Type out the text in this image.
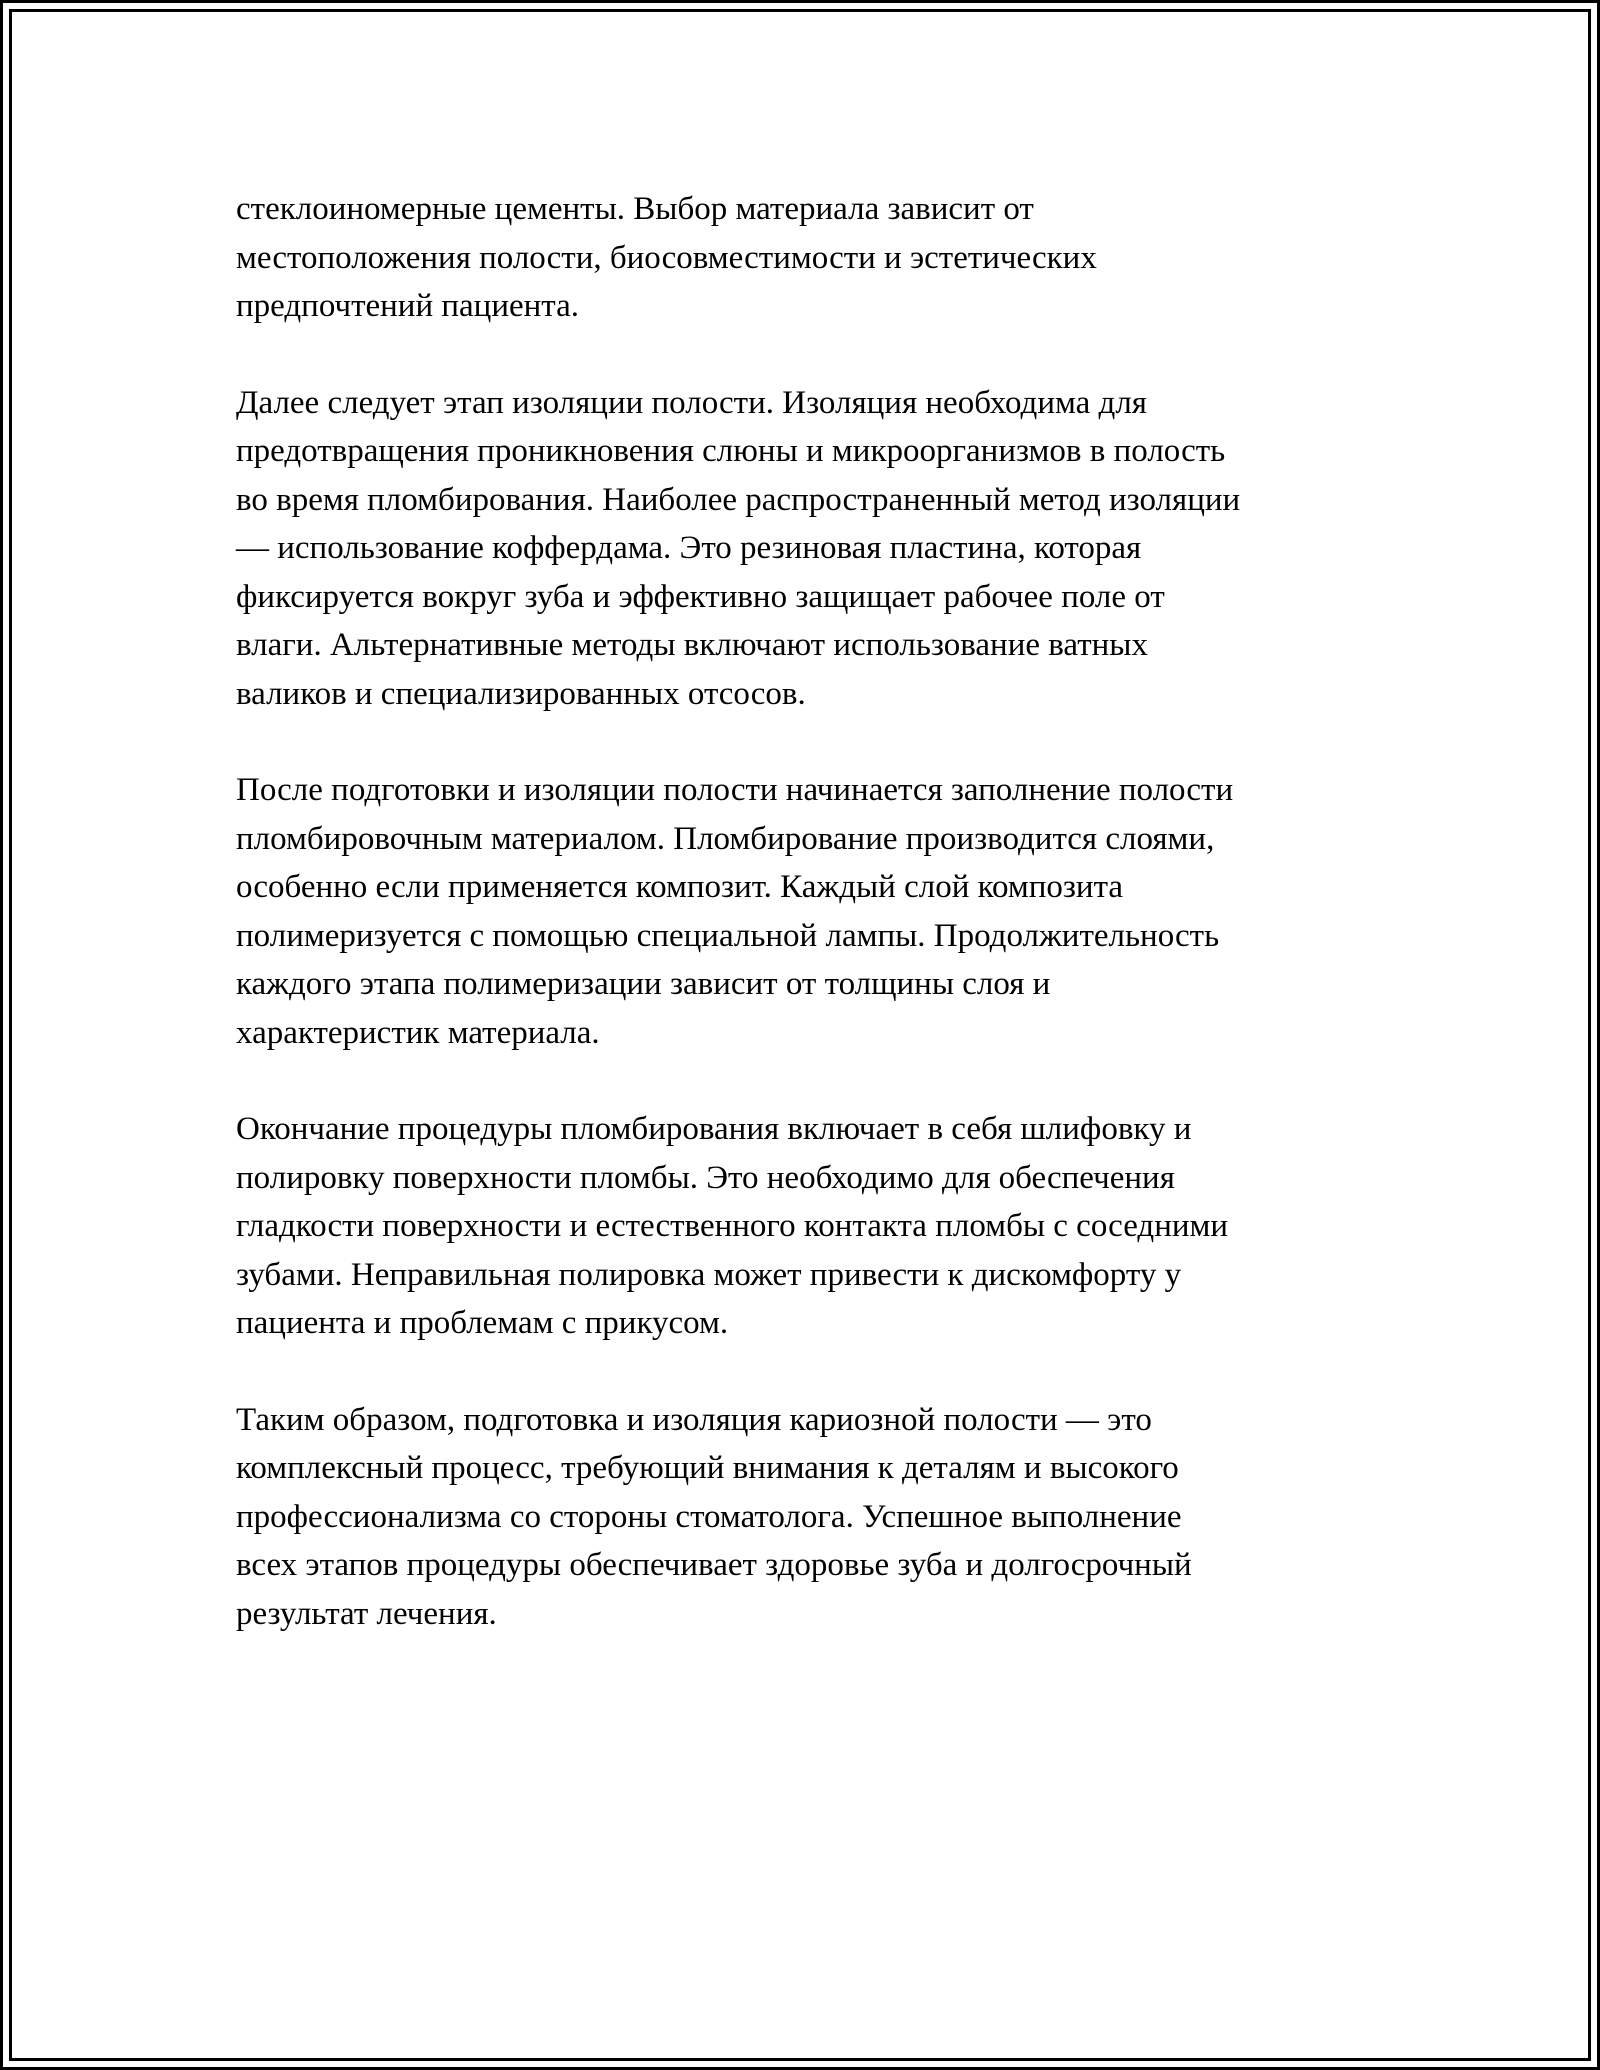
стеклоиномерные цементы. Выбор материала зависит от
местоположения полости, биосовместимости и эстетических
предпочтений пациента.

Далее следует этап изоляции полости. Изоляция необходима для
предотвращения проникновения слюны и микроорганизмов в полость
во время пломбирования. Наиболее распространенный метод изоляции
— использование коффердама. Это резиновая пластина, которая
фиксируется вокруг зуба и эффективно защищает рабочее поле от
влаги. Альтернативные методы включают использование ватных
валиков и специализированных отсосов.

После подготовки и изоляции полости начинается заполнение полости
пломбировочным материалом. Пломбирование производится слоями,
особенно если применяется композит. Каждый слой композита
полимеризуется с помощью специальной лампы. Продолжительность
каждого этапа полимеризации зависит от толщины слоя и
характеристик материала.

Окончание процедуры пломбирования включает в себя шлифовку и
полировку поверхности пломбы. Это необходимо для обеспечения
гладкости поверхности и естественного контакта пломбы с соседними
зубами. Неправильная полировка может привести к дискомфорту у
пациента и проблемам с прикусом.

Таким образом, подготовка и изоляция кариозной полости — это
комплексный процесс, требующий внимания к деталям и высокого
профессионализма со стороны стоматолога. Успешное выполнение
всех этапов процедуры обеспечивает здоровье зуба и долгосрочный
результат лечения.
